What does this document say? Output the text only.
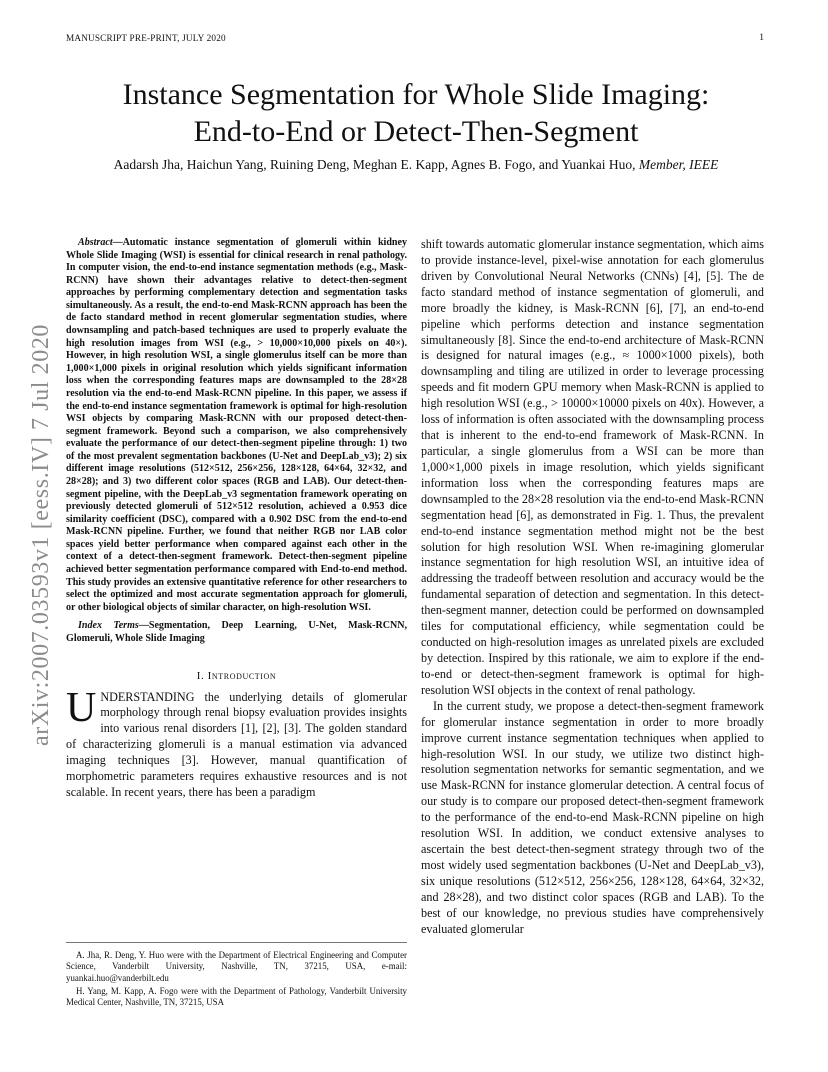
MANUSCRIPT PRE-PRINT, JULY 2020	1
arXiv:2007.03593v1 [eess.IV] 7 Jul 2020
Instance Segmentation for Whole Slide Imaging:
End-to-End or Detect-Then-Segment
Aadarsh Jha, Haichun Yang, Ruining Deng, Meghan E. Kapp, Agnes B. Fogo, and Yuankai Huo, Member, IEEE

Abstract—Automatic instance segmentation of glomeruli within kidney Whole Slide Imaging (WSI) is essential for clinical research in renal pathology. In computer vision, the end-to-end instance segmentation methods (e.g., Mask-RCNN) have shown their advantages relative to detect-then-segment approaches by performing complementary detection and segmentation tasks simultaneously. As a result, the end-to-end Mask-RCNN approach has been the de facto standard method in recent glomerular segmentation studies, where downsampling and patch-based techniques are used to properly evaluate the high resolution images from WSI (e.g., > 10,000×10,000 pixels on 40×). However, in high resolution WSI, a single glomerulus itself can be more than 1,000×1,000 pixels in original resolution which yields significant information loss when the corresponding features maps are downsampled to the 28×28 resolution via the end-to-end Mask-RCNN pipeline. In this paper, we assess if the end-to-end instance segmentation framework is optimal for high-resolution WSI objects by comparing Mask-RCNN with our proposed detect-then-segment framework. Beyond such a comparison, we also comprehensively evaluate the performance of our detect-then-segment pipeline through: 1) two of the most prevalent segmentation backbones (U-Net and DeepLab_v3); 2) six different image resolutions (512×512, 256×256, 128×128, 64×64, 32×32, and 28×28); and 3) two different color spaces (RGB and LAB). Our detect-then-segment pipeline, with the DeepLab_v3 segmentation framework operating on previously detected glomeruli of 512×512 resolution, achieved a 0.953 dice similarity coefficient (DSC), compared with a 0.902 DSC from the end-to-end Mask-RCNN pipeline. Further, we found that neither RGB nor LAB color spaces yield better performance when compared against each other in the context of a detect-then-segment framework. Detect-then-segment pipeline achieved better segmentation performance compared with End-to-end method. This study provides an extensive quantitative reference for other researchers to select the optimized and most accurate segmentation approach for glomeruli, or other biological objects of similar character, on high-resolution WSI.

Index Terms—Segmentation, Deep Learning, U-Net, Mask-RCNN, Glomeruli, Whole Slide Imaging

I. Introduction

UNDERSTANDING the underlying details of glomerular morphology through renal biopsy evaluation provides insights into various renal disorders [1], [2], [3]. The golden standard of characterizing glomeruli is a manual estimation via advanced imaging techniques [3]. However, manual quantification of morphometric parameters requires exhaustive resources and is not scalable. In recent years, there has been a paradigm

A. Jha, R. Deng, Y. Huo were with the Department of Electrical Engineering and Computer Science, Vanderbilt University, Nashville, TN, 37215, USA, e-mail: yuankai.huo@vanderbilt.edu

H. Yang, M. Kapp, A. Fogo were with the Department of Pathology, Vanderbilt University Medical Center, Nashville, TN, 37215, USA

shift towards automatic glomerular instance segmentation, which aims to provide instance-level, pixel-wise annotation for each glomerulus driven by Convolutional Neural Networks (CNNs) [4], [5]. The de facto standard method of instance segmentation of glomeruli, and more broadly the kidney, is Mask-RCNN [6], [7], an end-to-end pipeline which performs detection and instance segmentation simultaneously [8]. Since the end-to-end architecture of Mask-RCNN is designed for natural images (e.g., ≈ 1000×1000 pixels), both downsampling and tiling are utilized in order to leverage processing speeds and fit modern GPU memory when Mask-RCNN is applied to high resolution WSI (e.g., > 10000×10000 pixels on 40x). However, a loss of information is often associated with the downsampling process that is inherent to the end-to-end framework of Mask-RCNN. In particular, a single glomerulus from a WSI can be more than 1,000×1,000 pixels in image resolution, which yields significant information loss when the corresponding features maps are downsampled to the 28×28 resolution via the end-to-end Mask-RCNN segmentation head [6], as demonstrated in Fig. 1. Thus, the prevalent end-to-end instance segmentation method might not be the best solution for high resolution WSI. When re-imagining glomerular instance segmentation for high resolution WSI, an intuitive idea of addressing the tradeoff between resolution and accuracy would be the fundamental separation of detection and segmentation. In this detect-then-segment manner, detection could be performed on downsampled tiles for computational efficiency, while segmentation could be conducted on high-resolution images as unrelated pixels are excluded by detection. Inspired by this rationale, we aim to explore if the end-to-end or detect-then-segment framework is optimal for high-resolution WSI objects in the context of renal pathology.

In the current study, we propose a detect-then-segment framework for glomerular instance segmentation in order to more broadly improve current instance segmentation techniques when applied to high-resolution WSI. In our study, we utilize two distinct high-resolution segmentation networks for semantic segmentation, and we use Mask-RCNN for instance glomerular detection. A central focus of our study is to compare our proposed detect-then-segment framework to the performance of the end-to-end Mask-RCNN pipeline on high resolution WSI. In addition, we conduct extensive analyses to ascertain the best detect-then-segment strategy through two of the most widely used segmentation backbones (U-Net and DeepLab_v3), six unique resolutions (512×512, 256×256, 128×128, 64×64, 32×32, and 28×28), and two distinct color spaces (RGB and LAB). To the best of our knowledge, no previous studies have comprehensively evaluated glomerular
